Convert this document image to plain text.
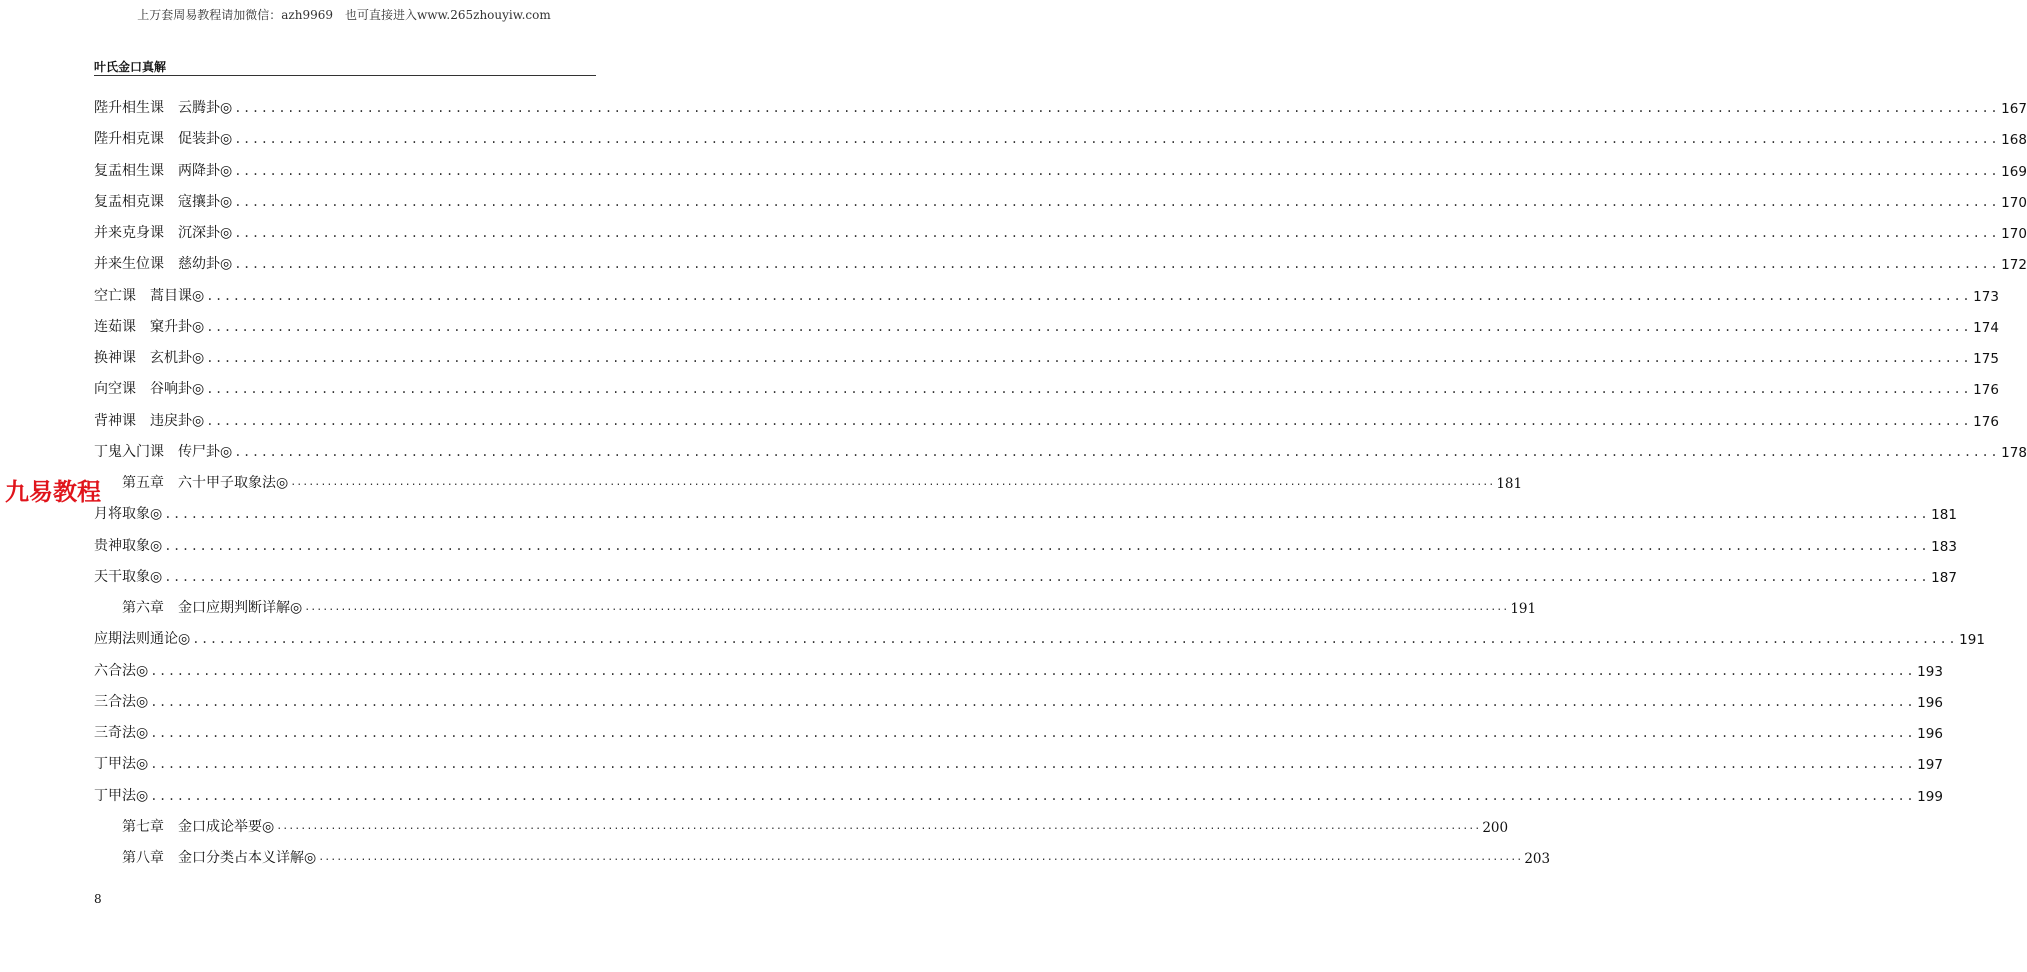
上万套周易教程请加微信：azh9969　也可直接进入www.265zhouyiw.com
叶氏金口真解
陛升相生课　云腾卦◎ ........................................................................................................................................................................................................ 167
陛升相克课　促装卦◎ ........................................................................................................................................................................................................ 168
复盂相生课　两降卦◎ ........................................................................................................................................................................................................ 169
复盂相克课　寇攘卦◎ ........................................................................................................................................................................................................ 170
并来克身课　沉深卦◎ ........................................................................................................................................................................................................ 170
并来生位课　慈幼卦◎ ........................................................................................................................................................................................................ 172
空亡课　蒿目课◎ ........................................................................................................................................................................................................ 173
连茹课　窠升卦◎ ........................................................................................................................................................................................................ 174
换神课　玄机卦◎ ........................................................................................................................................................................................................ 175
向空课　谷响卦◎ ........................................................................................................................................................................................................ 176
背神课　违戾卦◎ ........................................................................................................................................................................................................ 176
丁鬼入门课　传尸卦◎ ........................................................................................................................................................................................................ 178
第五章　六十甲子取象法◎ ........................................................................................................................................................................................................ 181
月将取象◎ ........................................................................................................................................................................................................ 181
贵神取象◎ ........................................................................................................................................................................................................ 183
天干取象◎ ........................................................................................................................................................................................................ 187
第六章　金口应期判断详解◎ ........................................................................................................................................................................................................ 191
应期法则通论◎ ........................................................................................................................................................................................................ 191
六合法◎ ........................................................................................................................................................................................................ 193
三合法◎ ........................................................................................................................................................................................................ 196
三奇法◎ ........................................................................................................................................................................................................ 196
丁甲法◎ ........................................................................................................................................................................................................ 197
丁甲法◎ ........................................................................................................................................................................................................ 199
第七章　金口成论举要◎ ........................................................................................................................................................................................................ 200
第八章　金口分类占本义详解◎ ........................................................................................................................................................................................................ 203
九易教程
8
